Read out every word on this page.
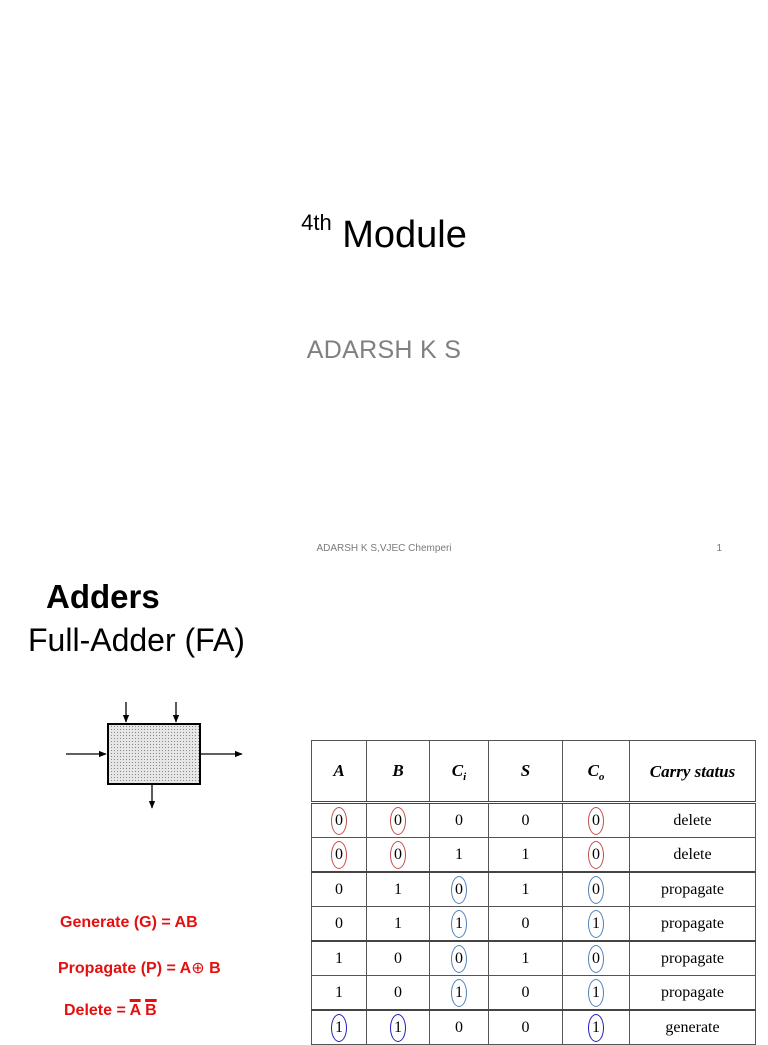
$^{4th}$ Module
ADARSH K S
ADARSH K S,VJEC Chemperi	1
Adders
Full-Adder (FA)
Generate (G) = AB
Propagate (P) = A⊕ B
Delete = $\overline{A}$ $\overline{B}$
A	B	$C_i$	S	$C_o$	Carry status
0	0	0	0	0	delete
0	0	1	1	0	delete
0	1	0	1	0	propagate
0	1	1	0	1	propagate
1	0	0	1	0	propagate
1	0	1	0	1	propagate
1	1	0	0	1	generate
